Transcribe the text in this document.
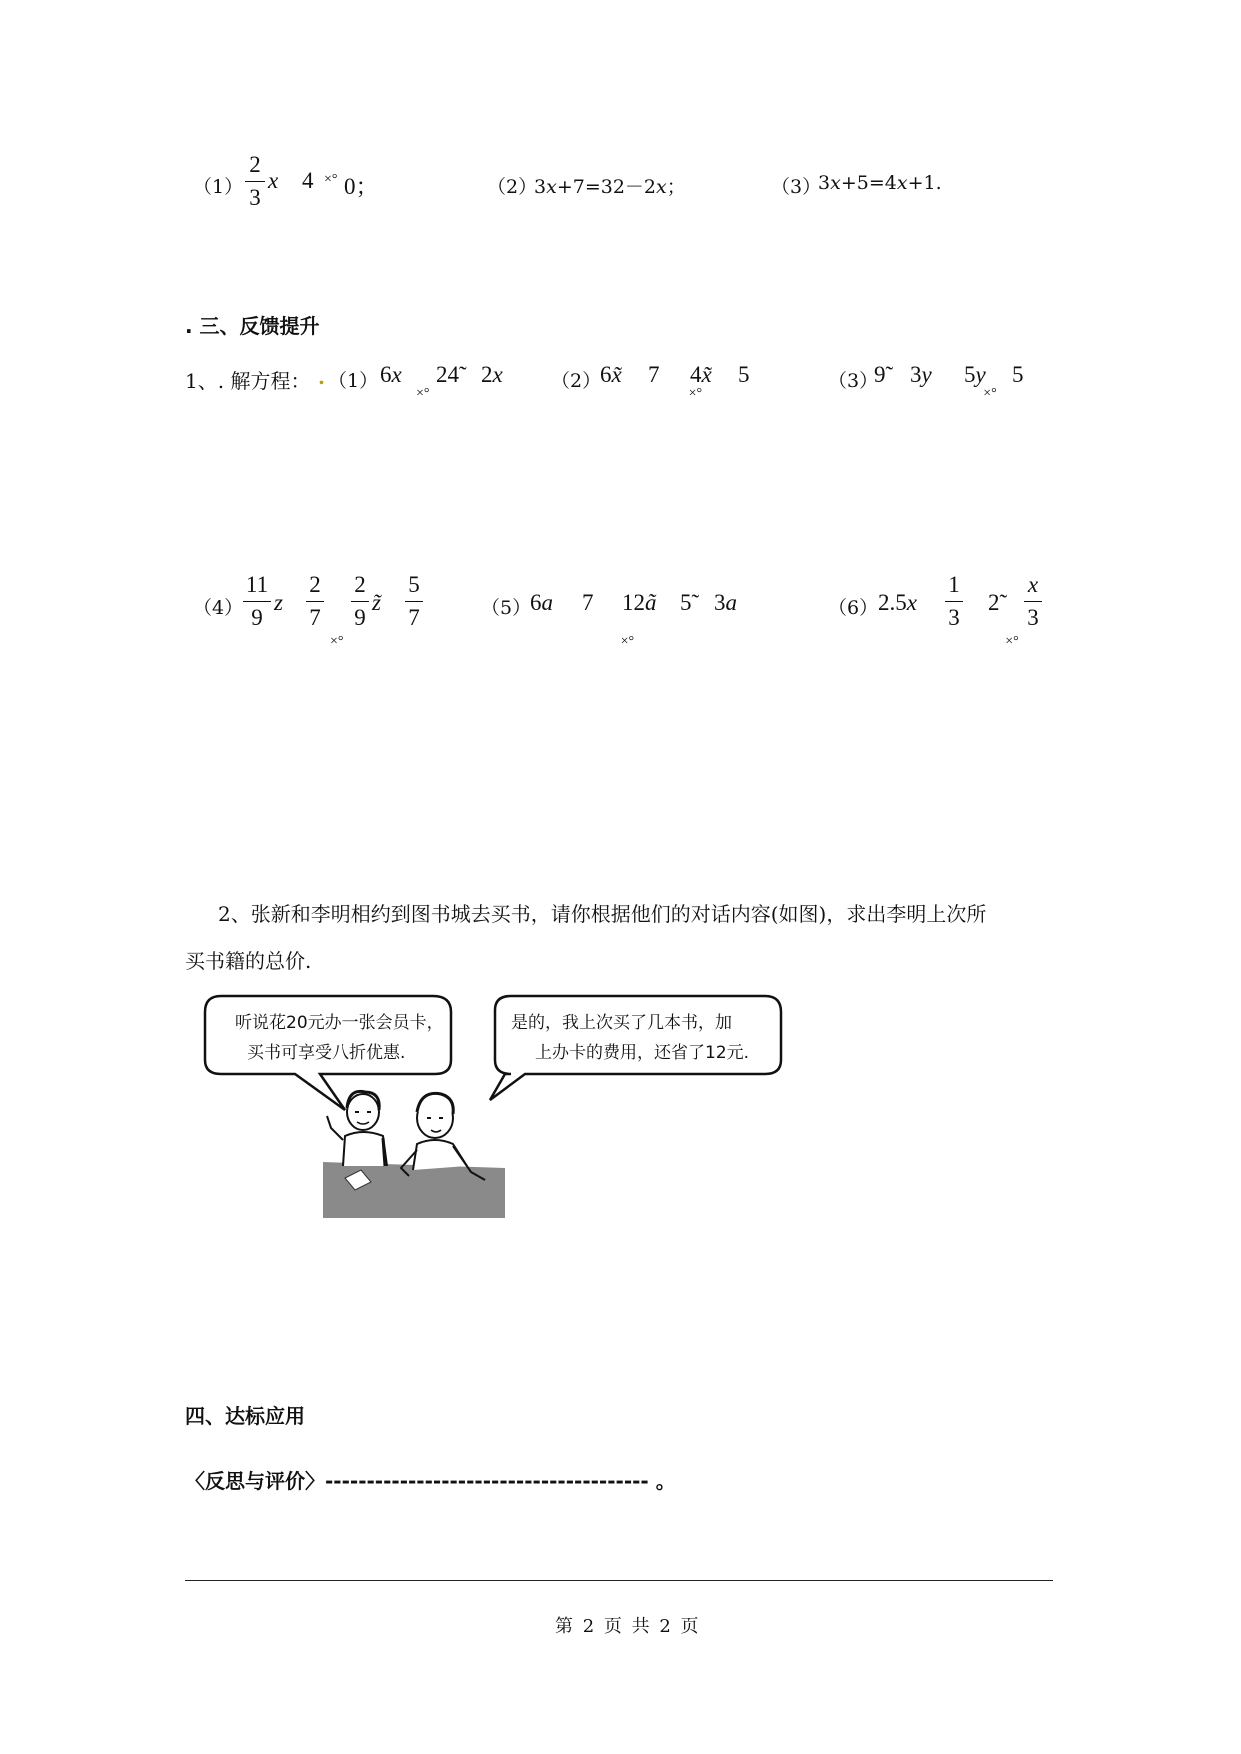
（1）
2
3
x 4 ×° 0；	（2）
3x+7=32－2x；	（3）
3x+5=4x+1.
. 三、反馈提升
1、. 解方程： . （1） 6x
×°
24̃ 2x	（2）
6x̃ 7
×°
4x̃ 5	（3）
9̃ 3y
×°
5y 5
（4）
11
9
z
2
7
×°
2
9
z̃
5
7	（5）
6a 7
×°
12ã 5̃ 3a	（6） 2.5x
1
3
×°
2̃
x
3
2、张新和李明相约到图书城去买书，请你根据他们的对话内容(如图)，求出李明上次所
买书籍的总价.
听说花20元办一张会员卡，
买书可享受八折优惠.
是的，我上次买了几本书，加
上办卡的费用，还省了12元.
四、达标应用
〈反思与评价〉--------------------------------------- 。
第 2 页 共 2 页
